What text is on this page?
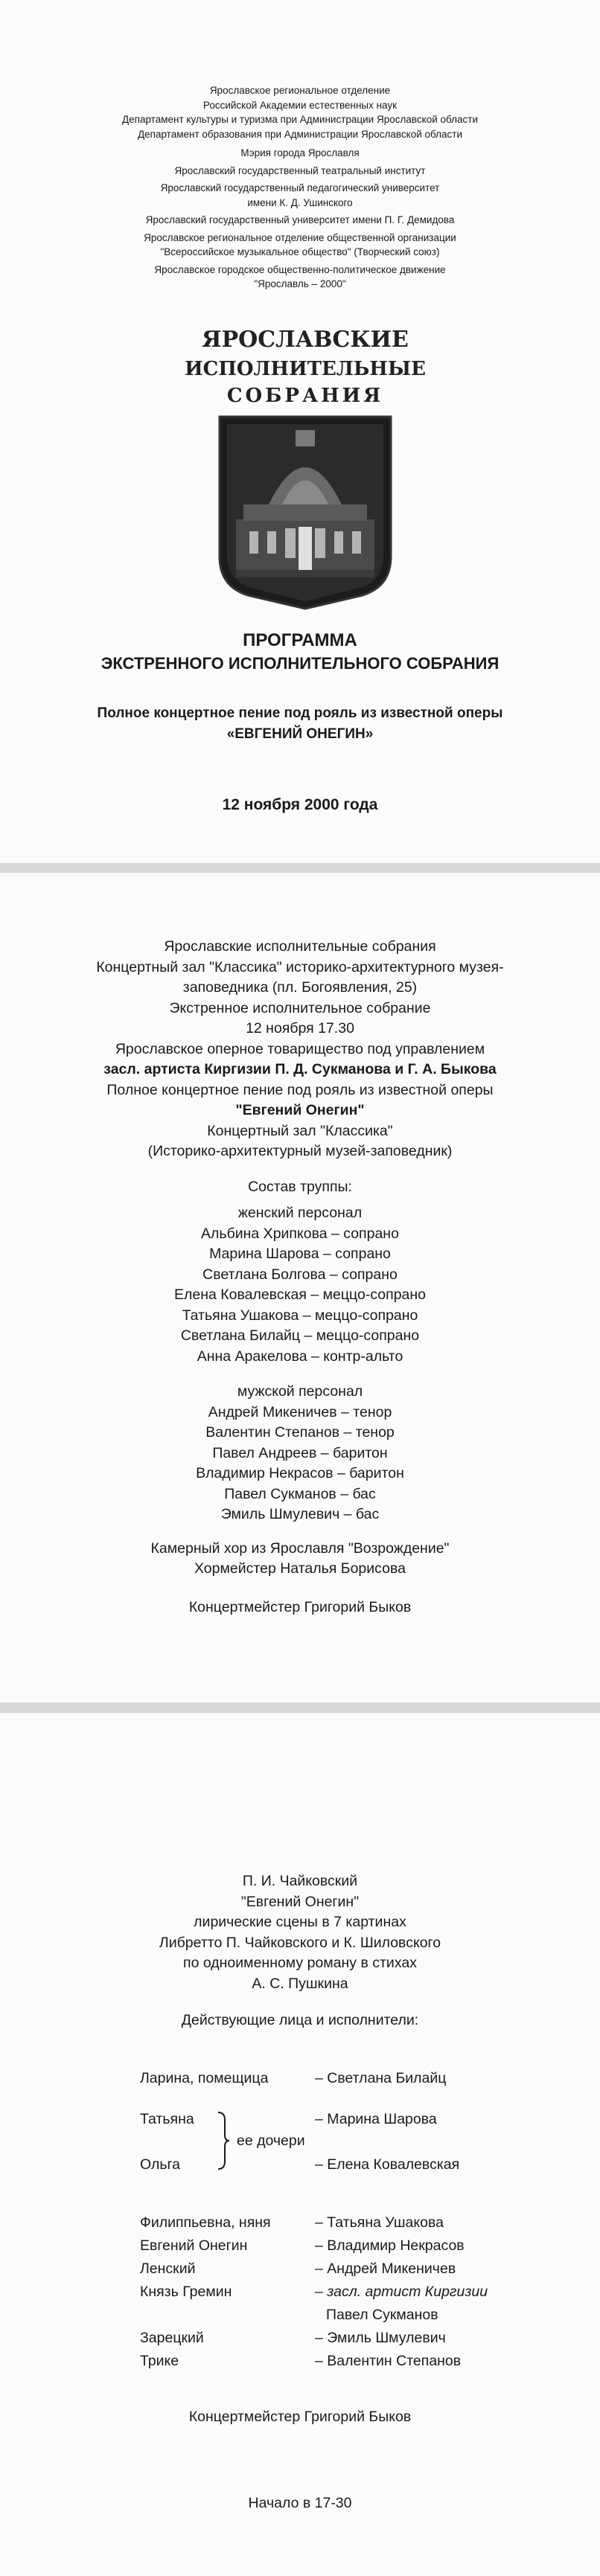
Ярославское региональное отделение
Российской Академии естественных наук
Департамент культуры и туризма при Администрации Ярославской области
Департамент образования при Администрации Ярославской области
Мэрия города Ярославля
Ярославский государственный театральный институт
Ярославский государственный педагогический университет
имени К. Д. Ушинского
Ярославский государственный университет имени П. Г. Демидова
Ярославское региональное отделение общественной организации
"Всероссийское музыкальное общество" (Творческий союз)
Ярославское городское общественно-политическое движение
"Ярославль – 2000"
ЯРОСЛАВСКИЕ
ИСПОЛНИТЕЛЬНЫЕ
СОБРАНИЯ
ПРОГРАММА
ЭКСТРЕННОГО ИСПОЛНИТЕЛЬНОГО СОБРАНИЯ
Полное концертное пение под рояль из известной оперы
«ЕВГЕНИЙ ОНЕГИН»
12 ноября 2000 года
Ярославские исполнительные собрания
Концертный зал "Классика" историко-архитектурного музея-
заповедника (пл. Богоявления, 25)
Экстренное исполнительное собрание
12 ноября 17.30
Ярославское оперное товарищество под управлением
засл. артиста Киргизии П. Д. Сукманова и Г. А. Быкова
Полное концертное пение под рояль из известной оперы
"Евгений Онегин"
Концертный зал "Классика"
(Историко-архитектурный музей-заповедник)
Состав труппы:
женский персонал
Альбина Хрипкова – сопрано
Марина Шарова – сопрано
Светлана Болгова – сопрано
Елена Ковалевская – меццо-сопрано
Татьяна Ушакова – меццо-сопрано
Светлана Билайц – меццо-сопрано
Анна Аракелова – контр-альто
мужской персонал
Андрей Микеничев – тенор
Валентин Степанов – тенор
Павел Андреев – баритон
Владимир Некрасов – баритон
Павел Сукманов – бас
Эмиль Шмулевич – бас
Камерный хор из Ярославля "Возрождение"
Хормейстер Наталья Борисова
Концертмейстер Григорий Быков
П. И. Чайковский
"Евгений Онегин"
лирические сцены в 7 картинах
Либретто П. Чайковского и К. Шиловского
по одноименному роману в стихах
А. С. Пушкина
Действующие лица и исполнители:
Ларина, помещица	– Светлана Билайц
Татьяна	– Марина Шарова
Ольга	– Елена Ковалевская
ее дочери
Филиппьевна, няня	– Татьяна Ушакова
Евгений Онегин	– Владимир Некрасов
Ленский	– Андрей Микеничев
Князь Гремин	– засл. артист Киргизии
Павел Сукманов
Зарецкий	– Эмиль Шмулевич
Трике	– Валентин Степанов
Концертмейстер Григорий Быков
Начало в 17-30
